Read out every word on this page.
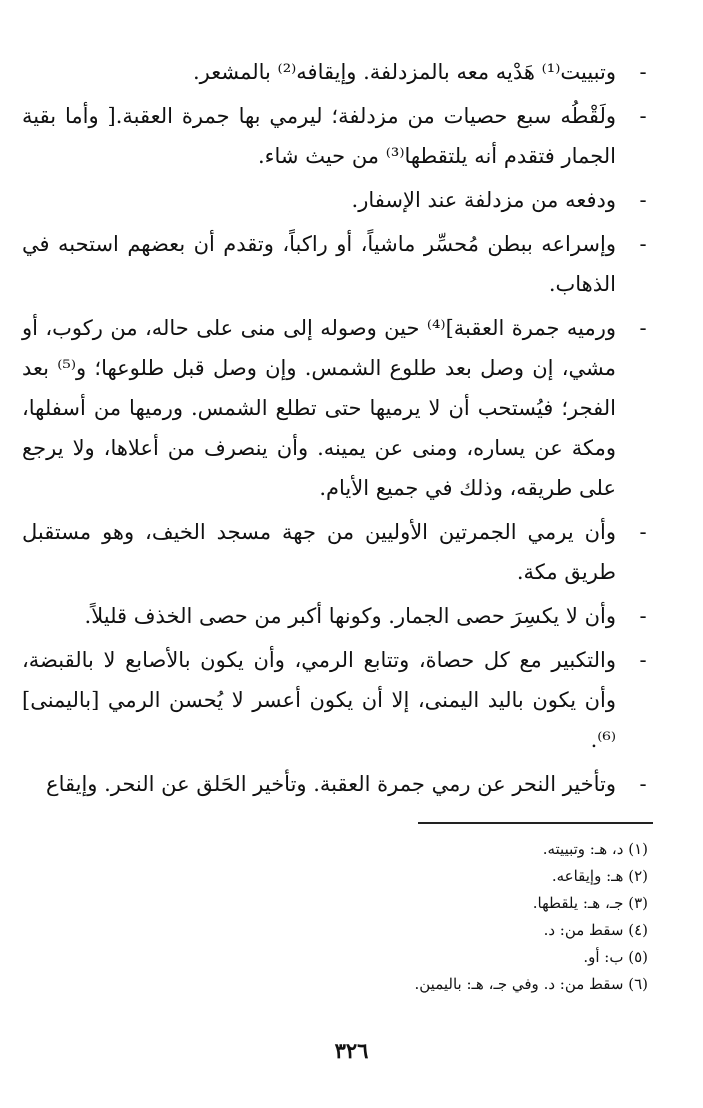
-
وتبييت⁽¹⁾ هَدْيه معه بالمزدلفة. وإيقافه⁽²⁾ بالمشعر.
-
ولَقْطُه سبع حصيات من مزدلفة؛ ليرمي بها جمرة العقبة.[ وأما بقية الجمار فتقدم أنه يلتقطها⁽³⁾ من حيث شاء.
-
ودفعه من مزدلفة عند الإسفار.
-
وإسراعه ببطن مُحسِّر ماشياً، أو راكباً، وتقدم أن بعضهم استحبه في الذهاب.
-
ورميه جمرة العقبة]⁽⁴⁾ حين وصوله إلى منى على حاله، من ركوب، أو مشي، إن وصل بعد طلوع الشمس. وإن وصل قبل طلوعها؛ و⁽⁵⁾ بعد الفجر؛ فيُستحب أن لا يرميها حتى تطلع الشمس. ورميها من أسفلها، ومكة عن يساره، ومنى عن يمينه. وأن ينصرف من أعلاها، ولا يرجع على طريقه، وذلك في جميع الأيام.
-
وأن يرمي الجمرتين الأوليين من جهة مسجد الخيف، وهو مستقبل طريق مكة.
-
وأن لا يكسِرَ حصى الجمار. وكونها أكبر من حصى الخذف قليلاً.
-
والتكبير مع كل حصاة، وتتابع الرمي، وأن يكون بالأصابع لا بالقبضة، وأن يكون باليد اليمنى، إلا أن يكون أعسر لا يُحسن الرمي [باليمنى]⁽⁶⁾.
-
وتأخير النحر عن رمي جمرة العقبة. وتأخير الحَلق عن النحر. وإيقاع
(١) د، هـ: وتبييته.
(٢) هـ: وإيقاعه.
(٣) جـ، هـ: يلقطها.
(٤) سقط من: د.
(٥) ب: أو.
(٦) سقط من: د. وفي جـ، هـ: باليمين.
٣٢٦
